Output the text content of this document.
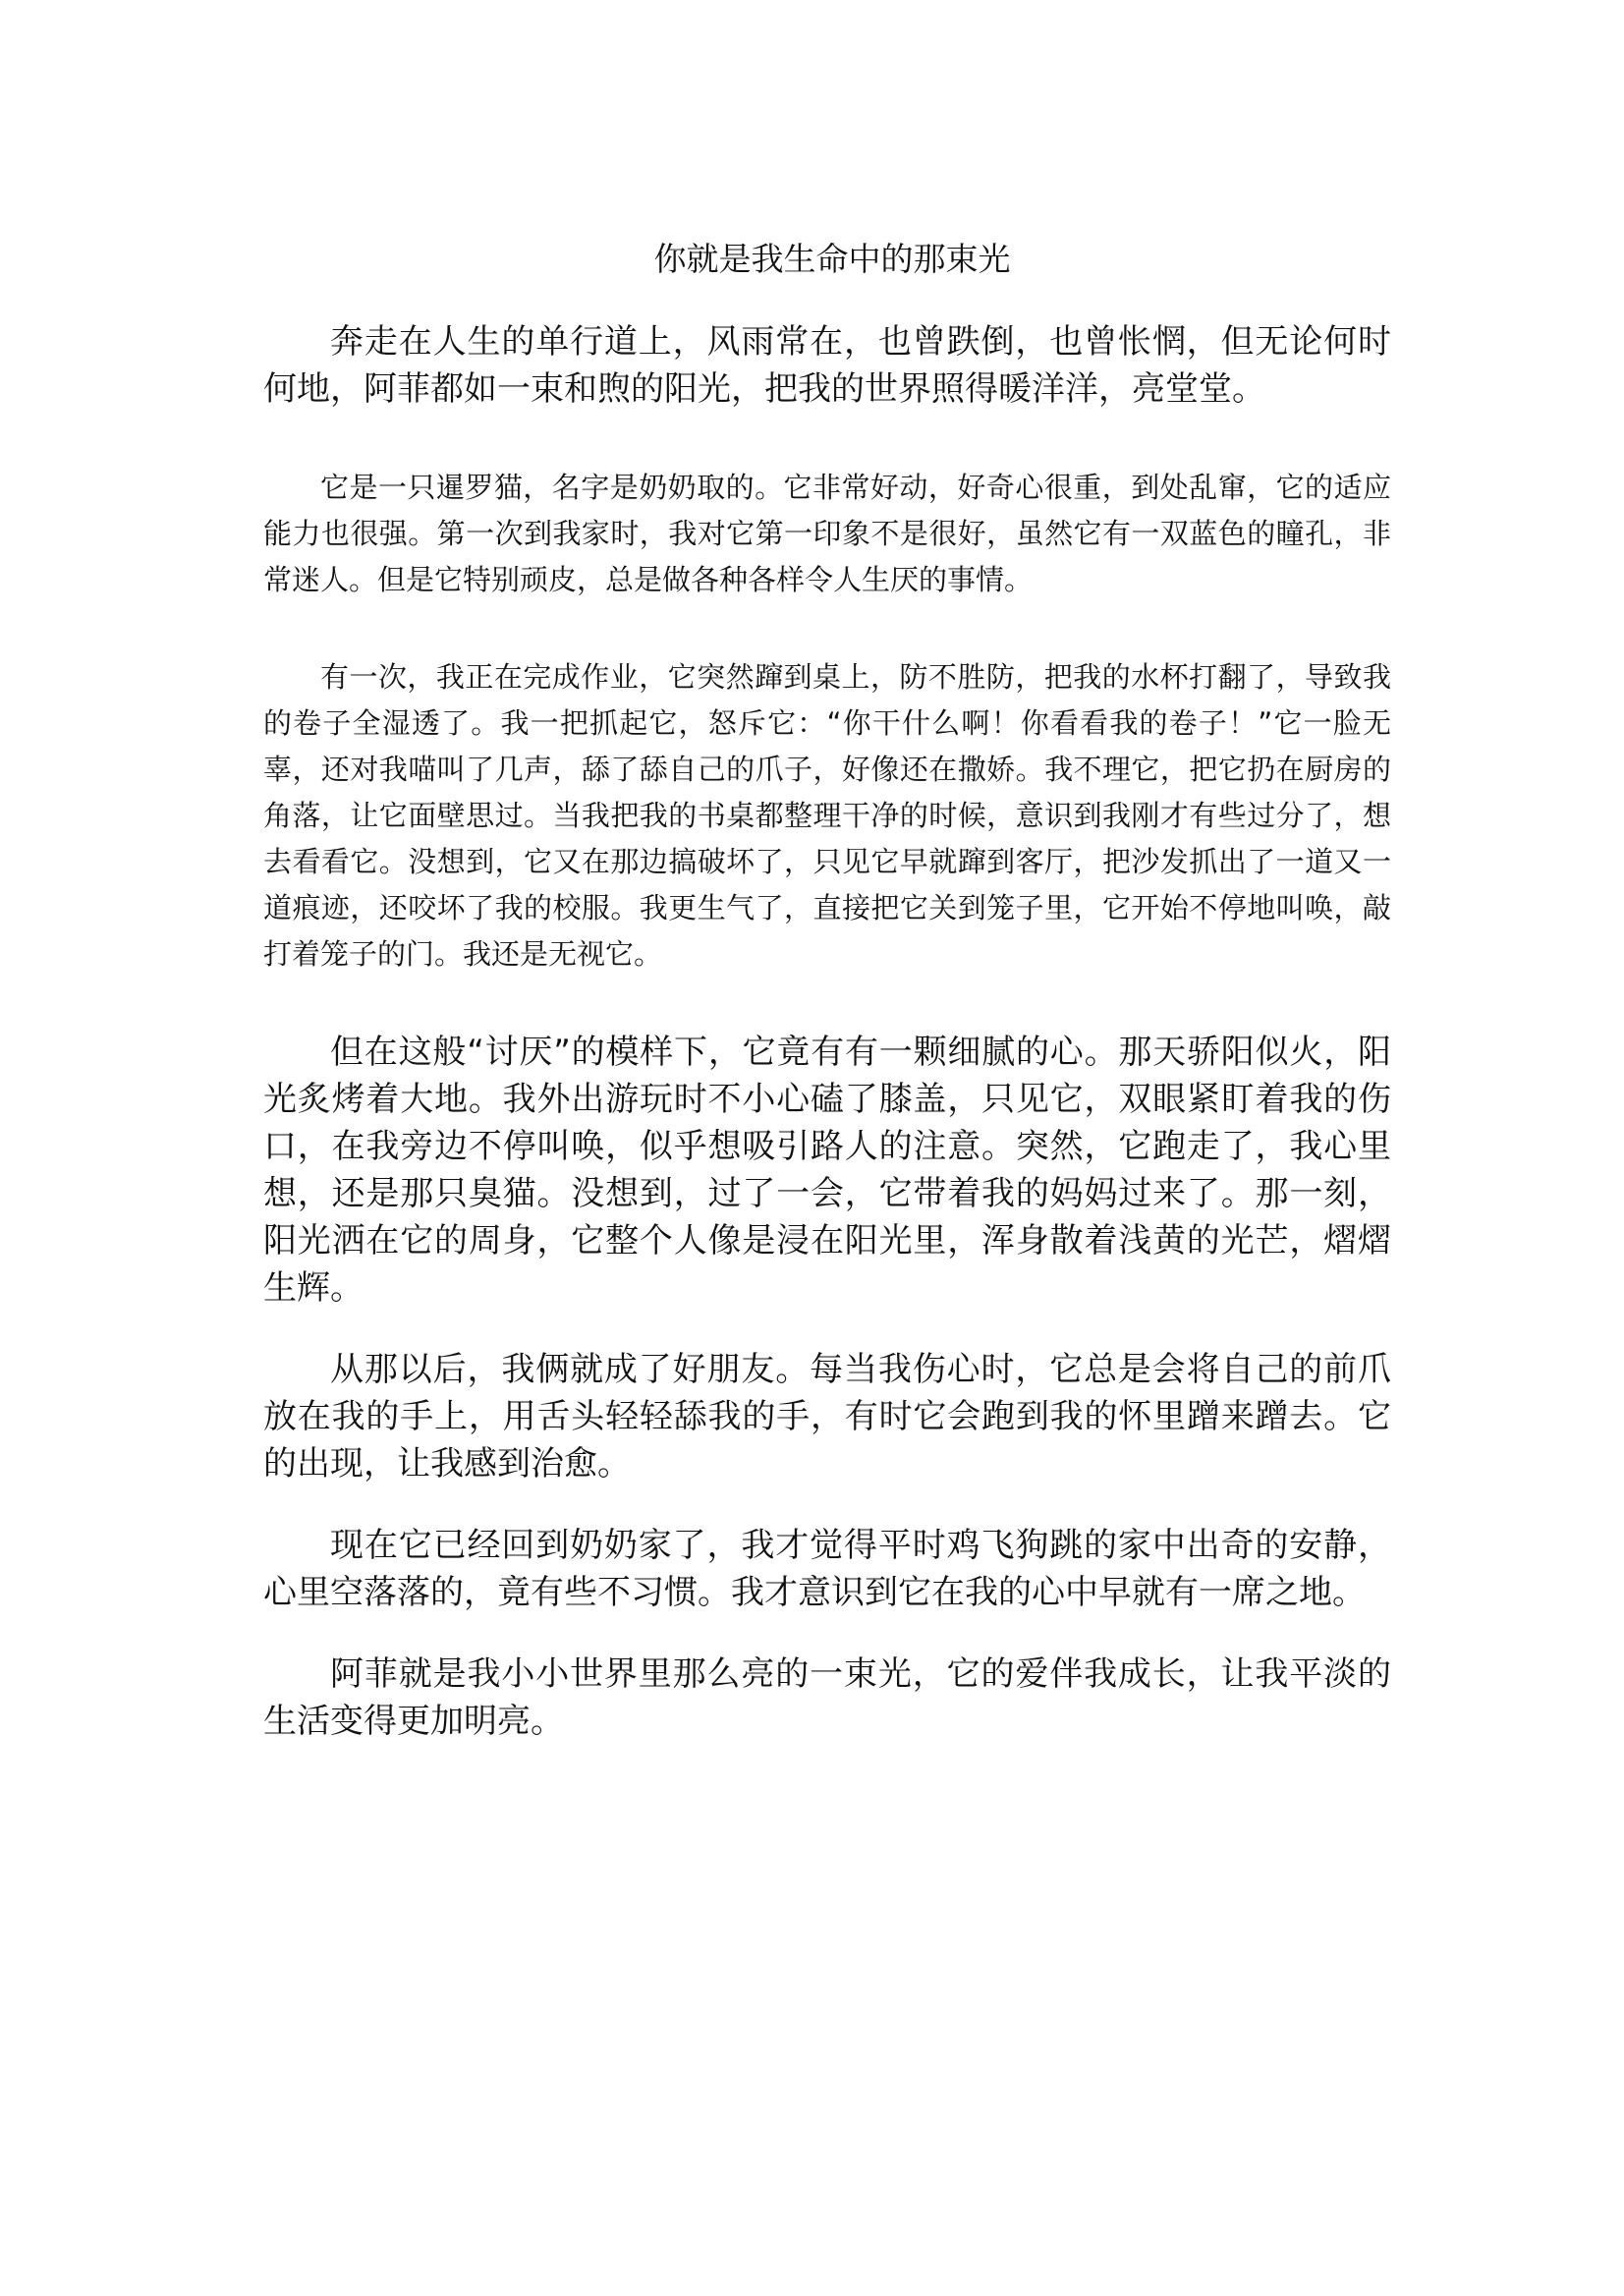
你就是我生命中的那束光

奔走在人生的单行道上，风雨常在，也曾跌倒，也曾怅惘，但无论何时何地，阿菲都如一束和煦的阳光，把我的世界照得暖洋洋，亮堂堂。

它是一只暹罗猫，名字是奶奶取的。它非常好动，好奇心很重，到处乱窜，它的适应能力也很强。第一次到我家时，我对它第一印象不是很好，虽然它有一双蓝色的瞳孔，非常迷人。但是它特别顽皮，总是做各种各样令人生厌的事情。

有一次，我正在完成作业，它突然蹿到桌上，防不胜防，把我的水杯打翻了，导致我的卷子全湿透了。我一把抓起它，怒斥它：“你干什么啊！你看看我的卷子！”它一脸无辜，还对我喵叫了几声，舔了舔自己的爪子，好像还在撒娇。我不理它，把它扔在厨房的角落，让它面壁思过。当我把我的书桌都整理干净的时候，意识到我刚才有些过分了，想去看看它。没想到，它又在那边搞破坏了，只见它早就蹿到客厅，把沙发抓出了一道又一道痕迹，还咬坏了我的校服。我更生气了，直接把它关到笼子里，它开始不停地叫唤，敲打着笼子的门。我还是无视它。

但在这般“讨厌”的模样下，它竟有有一颗细腻的心。那天骄阳似火，阳光炙烤着大地。我外出游玩时不小心磕了膝盖，只见它，双眼紧盯着我的伤口，在我旁边不停叫唤，似乎想吸引路人的注意。突然，它跑走了，我心里想，还是那只臭猫。没想到，过了一会，它带着我的妈妈过来了。那一刻，阳光洒在它的周身，它整个人像是浸在阳光里，浑身散着浅黄的光芒，熠熠生辉。

从那以后，我俩就成了好朋友。每当我伤心时，它总是会将自己的前爪放在我的手上，用舌头轻轻舔我的手，有时它会跑到我的怀里蹭来蹭去。它的出现，让我感到治愈。

现在它已经回到奶奶家了，我才觉得平时鸡飞狗跳的家中出奇的安静，心里空落落的，竟有些不习惯。我才意识到它在我的心中早就有一席之地。

阿菲就是我小小世界里那么亮的一束光，它的爱伴我成长，让我平淡的生活变得更加明亮。
